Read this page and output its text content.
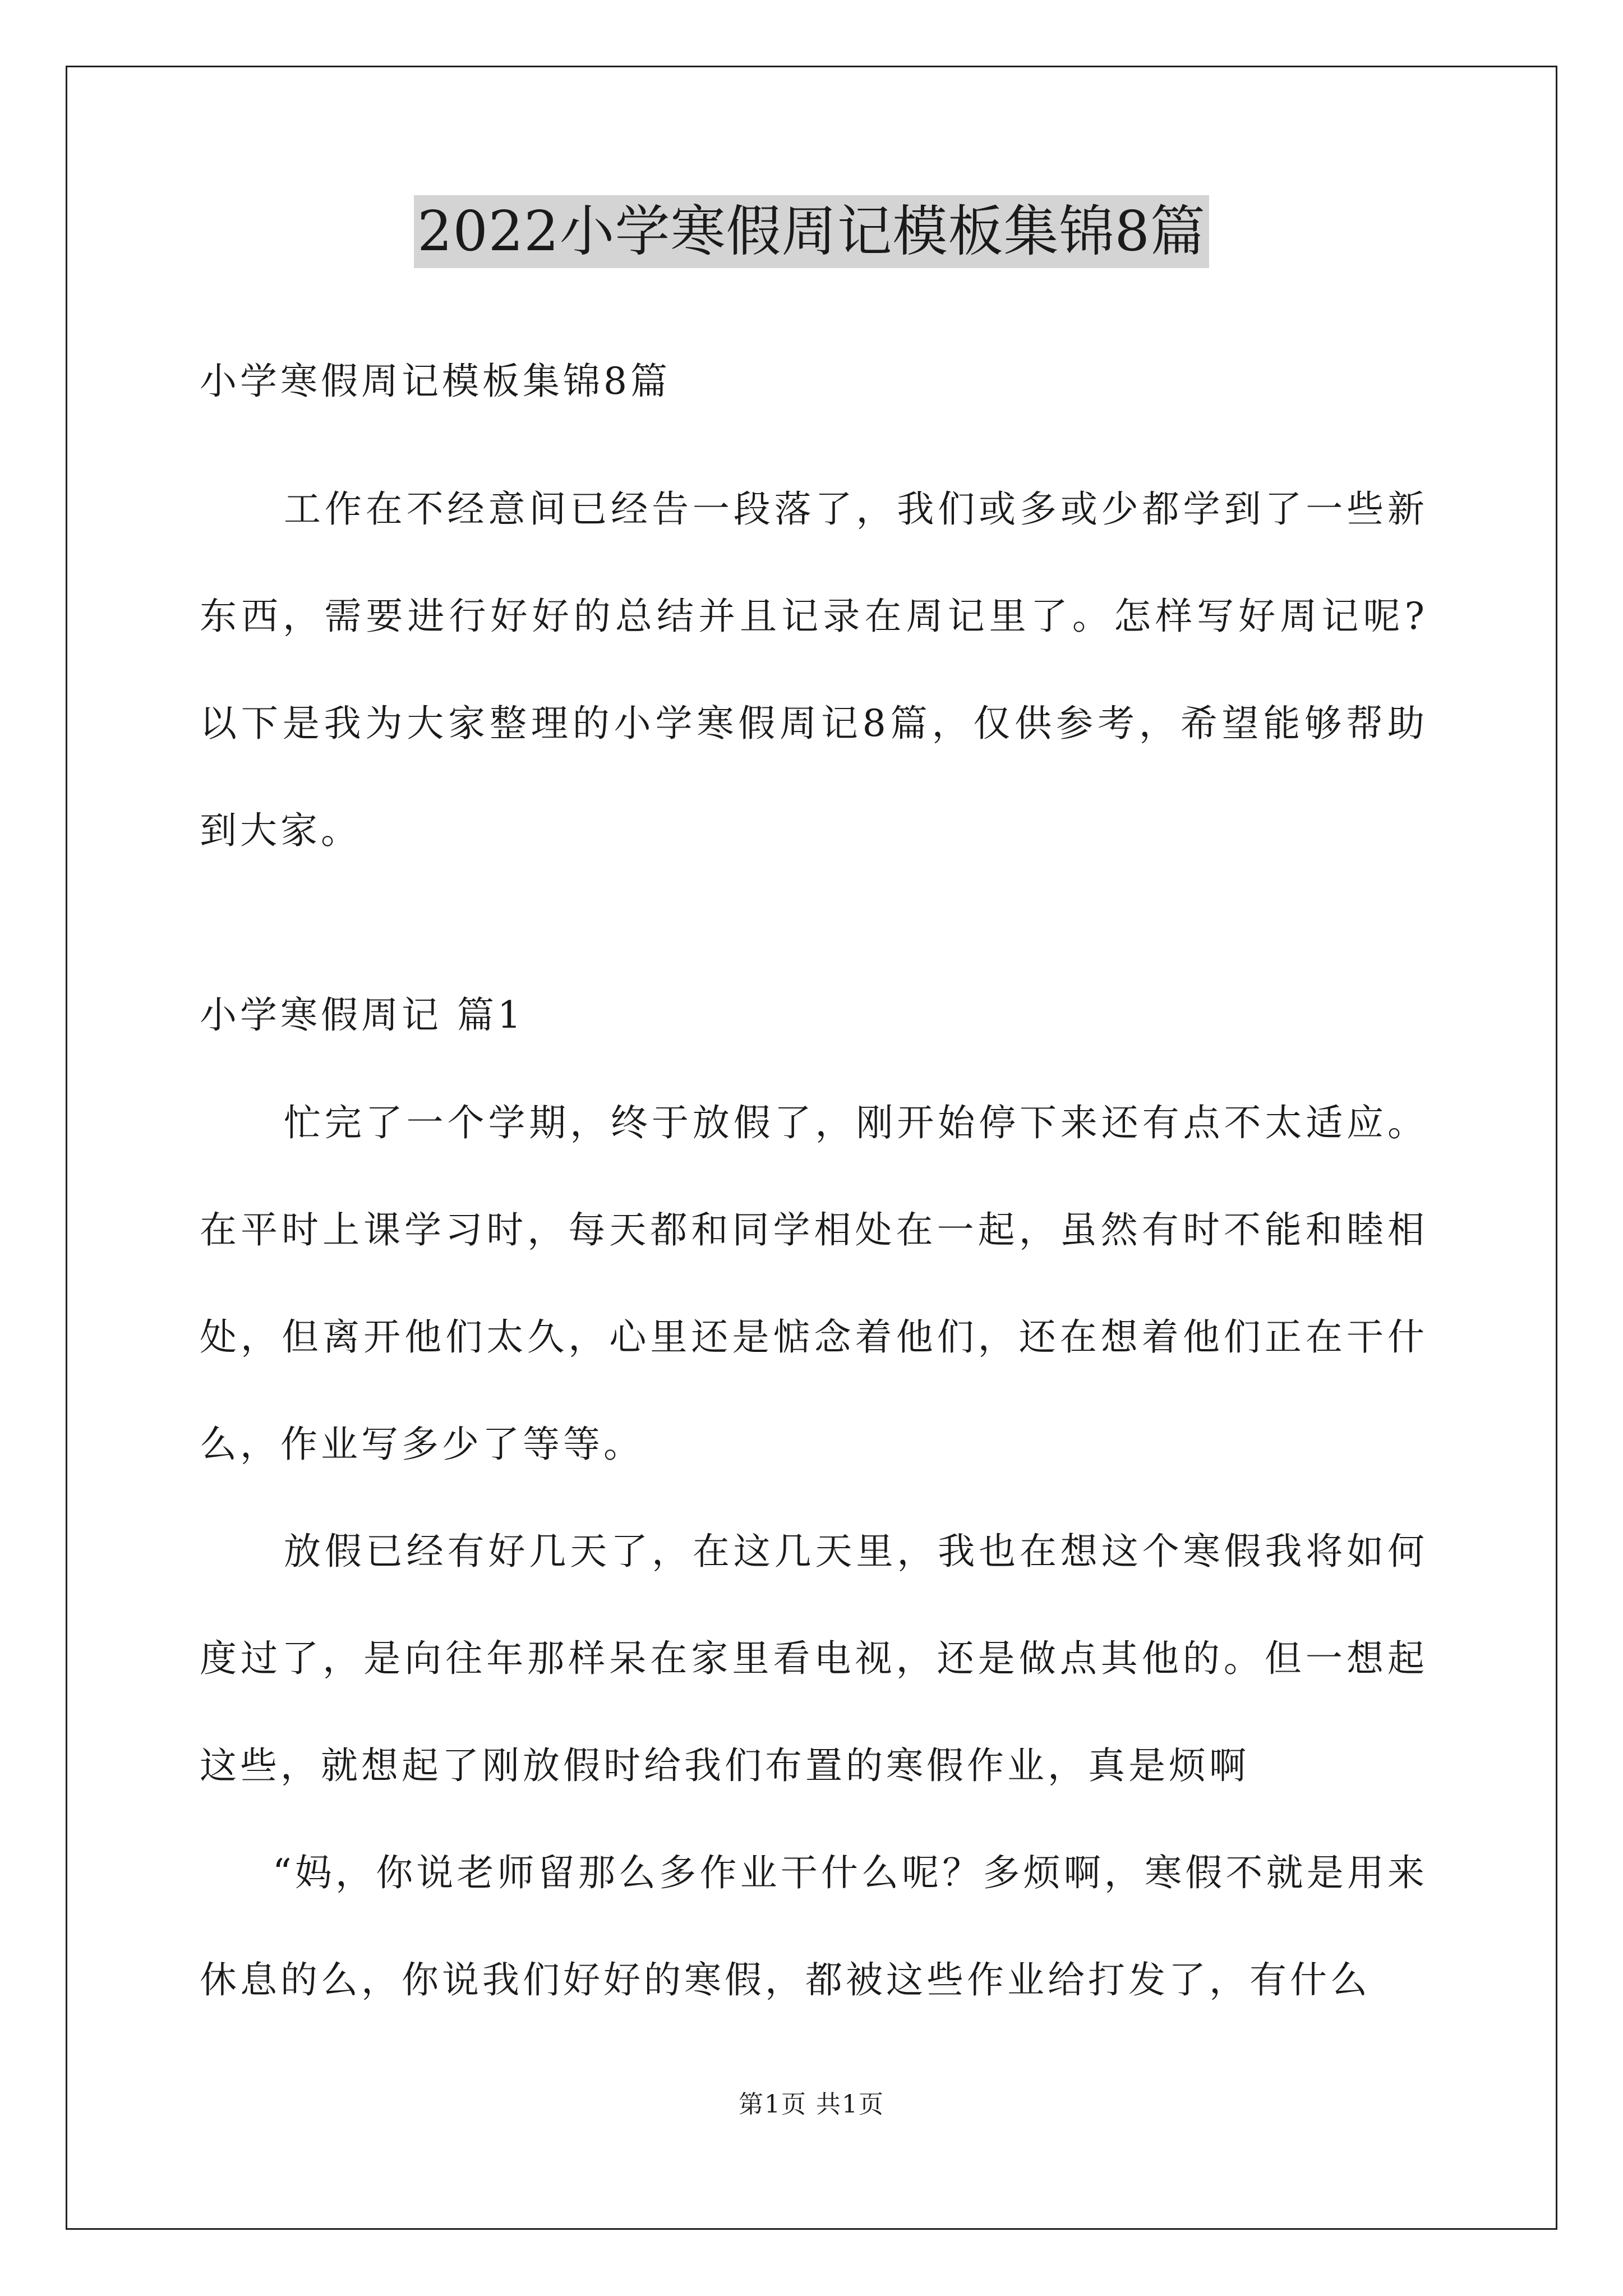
2022小学寒假周记模板集锦8篇
小学寒假周记模板集锦8篇

工作在不经意间已经告一段落了，我们或多或少都学到了一些新东西，需要进行好好的总结并且记录在周记里了。怎样写好周记呢?以下是我为大家整理的小学寒假周记8篇，仅供参考，希望能够帮助到大家。

小学寒假周记 篇1

忙完了一个学期，终于放假了，刚开始停下来还有点不太适应。在平时上课学习时，每天都和同学相处在一起，虽然有时不能和睦相处，但离开他们太久，心里还是惦念着他们，还在想着他们正在干什么，作业写多少了等等。

放假已经有好几天了，在这几天里，我也在想这个寒假我将如何度过了，是向往年那样呆在家里看电视，还是做点其他的。但一想起这些，就想起了刚放假时给我们布置的寒假作业，真是烦啊

“妈，你说老师留那么多作业干什么呢？多烦啊，寒假不就是用来休息的么，你说我们好好的寒假，都被这些作业给打发了，有什么

第1页 共1页
